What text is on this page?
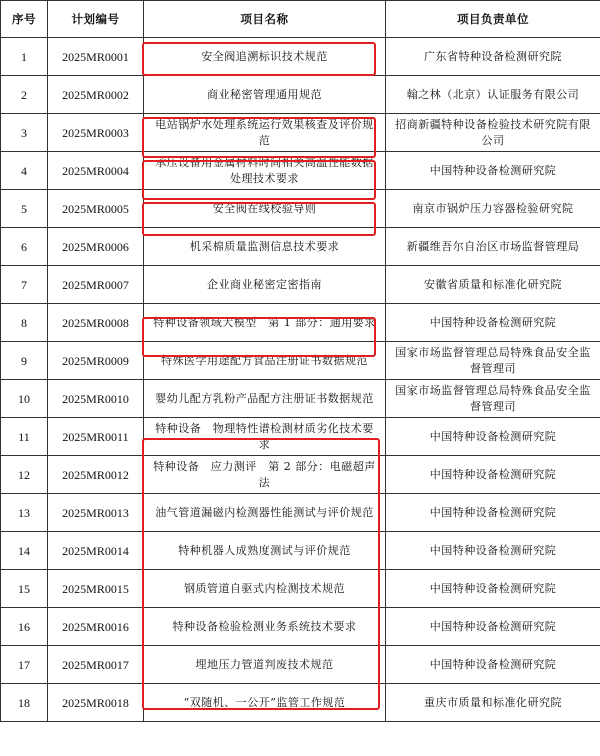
序号	计划编号	项目名称	项目负责单位
1	2025MR0001	安全阀追溯标识技术规范	广东省特种设备检测研究院
2	2025MR0002	商业秘密管理通用规范	翰之林（北京）认证服务有限公司
3	2025MR0003	电站锅炉水处理系统运行效果核查及评价规范	招商新疆特种设备检验技术研究院有限公司
4	2025MR0004	承压设备用金属材料时间相关高温性能数据处理技术要求	中国特种设备检测研究院
5	2025MR0005	安全阀在线校验导则	南京市锅炉压力容器检验研究院
6	2025MR0006	机采棉质量监测信息技术要求	新疆维吾尔自治区市场监督管理局
7	2025MR0007	企业商业秘密定密指南	安徽省质量和标准化研究院
8	2025MR0008	特种设备领域大模型　第 1 部分：通用要求	中国特种设备检测研究院
9	2025MR0009	特殊医学用途配方食品注册证书数据规范	国家市场监督管理总局特殊食品安全监督管理司
10	2025MR0010	婴幼儿配方乳粉产品配方注册证书数据规范	国家市场监督管理总局特殊食品安全监督管理司
11	2025MR0011	特种设备　物理特性谱检测材质劣化技术要求	中国特种设备检测研究院
12	2025MR0012	特种设备　应力测评　第 2 部分：电磁超声法	中国特种设备检测研究院
13	2025MR0013	油气管道漏磁内检测器性能测试与评价规范	中国特种设备检测研究院
14	2025MR0014	特种机器人成熟度测试与评价规范	中国特种设备检测研究院
15	2025MR0015	钢质管道自驱式内检测技术规范	中国特种设备检测研究院
16	2025MR0016	特种设备检验检测业务系统技术要求	中国特种设备检测研究院
17	2025MR0017	埋地压力管道判废技术规范	中国特种设备检测研究院
18	2025MR0018	“双随机、一公开”监管工作规范	重庆市质量和标准化研究院
